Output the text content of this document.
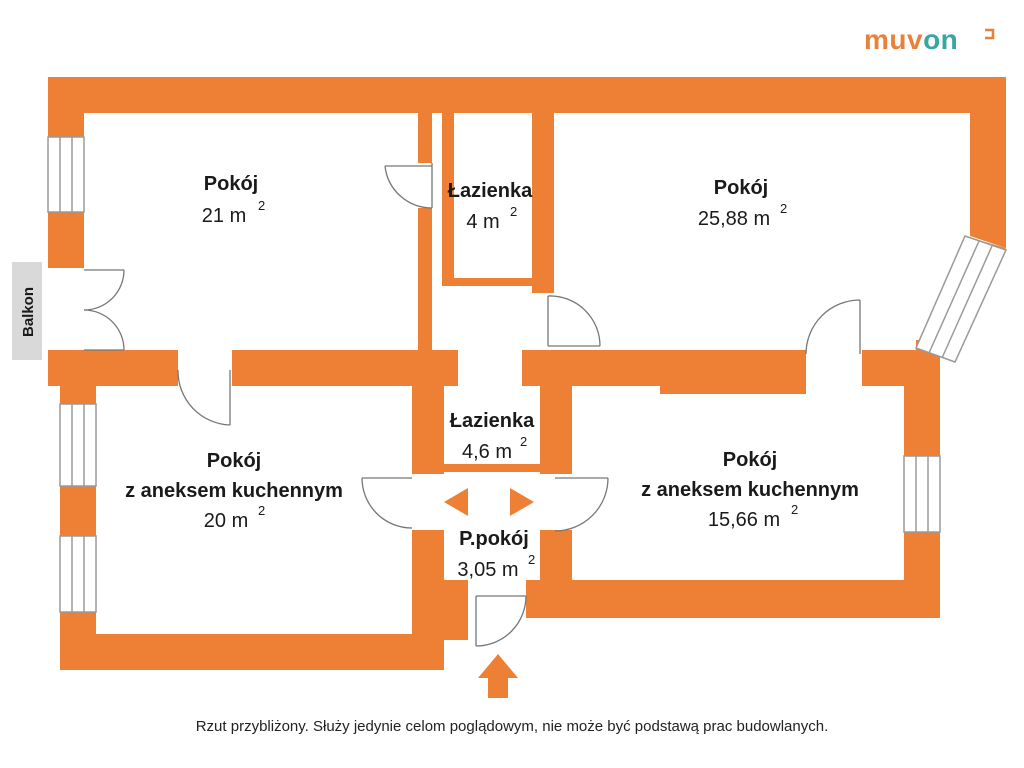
muvon
Balkon
Pokój
21 m 2
Łazienka
4 m 2
Pokój
25,88 m 2
Łazienka
4,6 m 2
Pokój
z aneksem kuchennym
20 m 2
Pokój
z aneksem kuchennym
15,66 m 2
P.pokój
3,05 m 2
Rzut przybliżony. Służy jedynie celom poglądowym, nie może być podstawą prac budowlanych.
